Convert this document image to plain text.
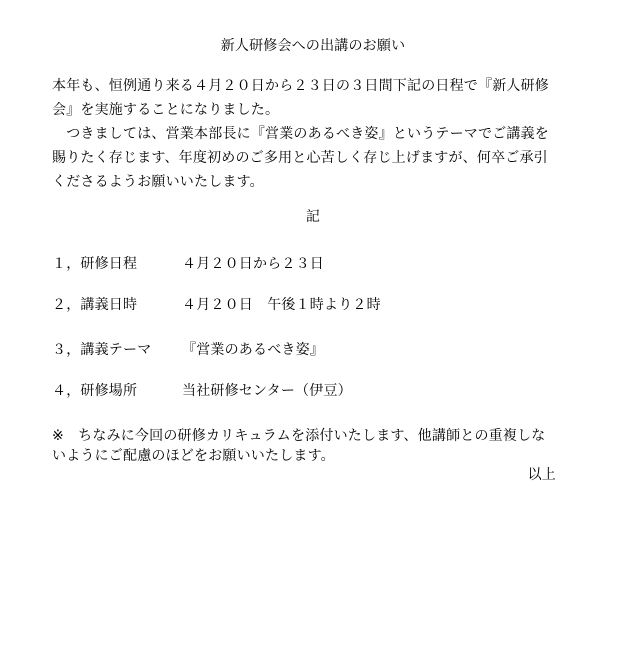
新人研修会への出講のお願い
本年も、恒例通り来る４月２０日から２３日の３日間下記の日程で『新人研修
会』を実施することになりました。
　つきましては、営業本部長に『営業のあるべき姿』というテーマでご講義を
賜りたく存じます、年度初めのご多用と心苦しく存じ上げますが、何卒ご承引
くださるようお願いいたします。
記
１，研修日程	４月２０日から２３日
２，講義日時	４月２０日　午後１時より２時
３，講義テーマ 『営業のあるべき姿』
４，研修場所	当社研修センター（伊豆）
※　ちなみに今回の研修カリキュラムを添付いたします、他講師との重複しな
いようにご配慮のほどをお願いいたします。
以上
